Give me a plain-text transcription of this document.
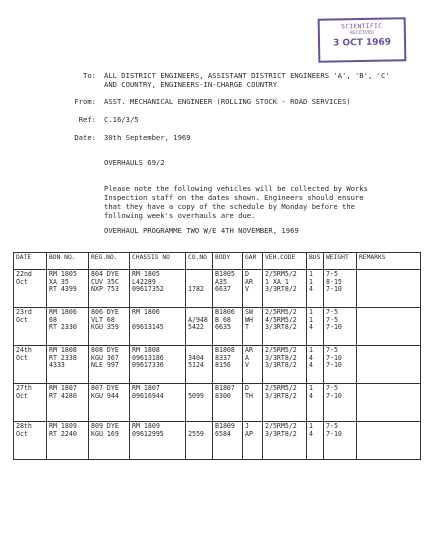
SCIENTIFIC
RECEIVED
3 OCT 1969
To: ALL DISTRICT ENGINEERS, ASSISTANT DISTRICT ENGINEERS 'A', 'B', 'C'
AND COUNTRY, ENGINEERS-IN-CHARGE COUNTRY
From: ASST. MECHANICAL ENGINEER (ROLLING STOCK - ROAD SERVICES)
Ref: C.16/3/5
Date: 30th September, 1969
OVERHAULS 69/2
Please note the following vehicles will be collected by Works
Inspection staff on the dates shown. Engineers should ensure
that they have a copy of the schedule by Monday before the
following week's overhauls are due.
OVERHAUL PROGRAMME TWO W/E 4TH NOVEMBER, 1969
DATE	BON NO.	REG.NO.	CHASSIS NO	CO.NO	BODY	GAR	VEH.CODE	BUS	WEIGHT	REMARKS

22nd
Oct	RM 1805
XA 35
RT 4399	804 DYE
CUV 35C
NXP 753	RM 1805
L42289
09617352	1782	B1805
A35
6637	D
AR
V	2/5RM5/2
1 XA 1
3/3RT8/2	1
1
4	7-5
8-15
7-10	

23rd
Oct	RM 1806
68
RT 2330	806 DYE
VLT 68
KGU 359	RM 1806
09613145	A/948
5422	B1806
B 68
6635	SW
WH
T	2/5RM5/2
4/5RM5/2
3/3RT8/2	1
1
4	7-5
7-5
7-10	

24th
Oct	RM 1808
RT 2338
4333	808 DYE
KGU 367
NLE 997	RM 1808
09613186
09617336	3404
5124	B1808
8337
8156	AR
A
V	2/5RM5/2
3/3RT8/2
3/3RT8/2	1
4
4	7-5
7-10
7-10	

27th
Oct	RM 1807
RT 4280	807 DYE
KGU 944	RM 1807
09616944	5099	B1807
8300	D
TH	2/5RM5/2
3/3RT8/2	1
4	7-5
7-10	

28th
Oct	RM 1809
RT 2240	809 DYE
KGU 169	RM 1809
09612995	2559	B1809
6584	J
AP	2/5RM5/2
3/3RT8/2	1
4	7-5
7-10	
